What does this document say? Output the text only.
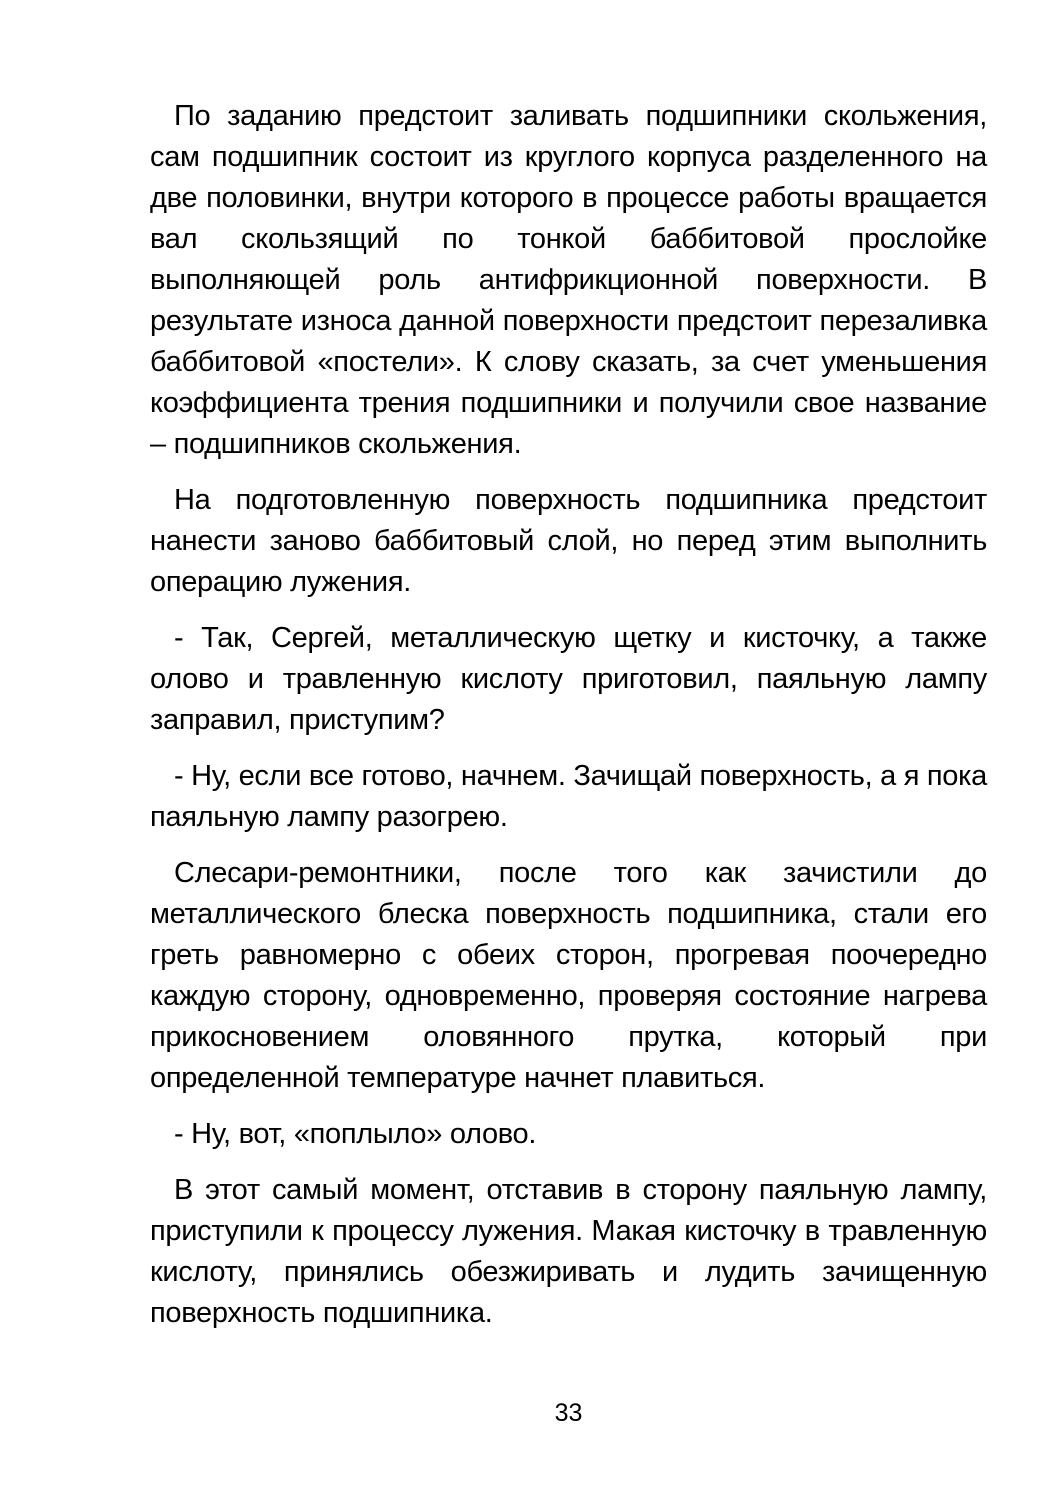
По заданию предстоит заливать подшипники скольжения, сам подшипник состоит из круглого корпуса разделенного на две половинки, внутри которого в процессе работы вращается вал скользящий по тонкой баббитовой прослойке выполняющей роль антифрикционной поверхности. В результате износа данной поверхности предстоит перезаливка баббитовой «постели». К слову сказать, за счет уменьшения коэффициента трения подшипники и получили свое название – подшипников скольжения.

На подготовленную поверхность подшипника предстоит нанести заново баббитовый слой, но перед этим выполнить операцию лужения.

- Так, Сергей, металлическую щетку и кисточку, а также олово и травленную кислоту приготовил, паяльную лампу заправил, приступим?

- Ну, если все готово, начнем. Зачищай поверхность, а я пока паяльную лампу разогрею.

Слесари-ремонтники, после того как зачистили до металлического блеска поверхность подшипника, стали его греть равномерно с обеих сторон, прогревая поочередно каждую сторону, одновременно, проверяя состояние нагрева прикосновением оловянного прутка, который при определенной температуре начнет плавиться.

- Ну, вот, «поплыло» олово.

В этот самый момент, отставив в сторону паяльную лампу, приступили к процессу лужения. Макая кисточку в травленную кислоту, принялись обезжиривать и лудить зачищенную поверхность подшипника.

33
